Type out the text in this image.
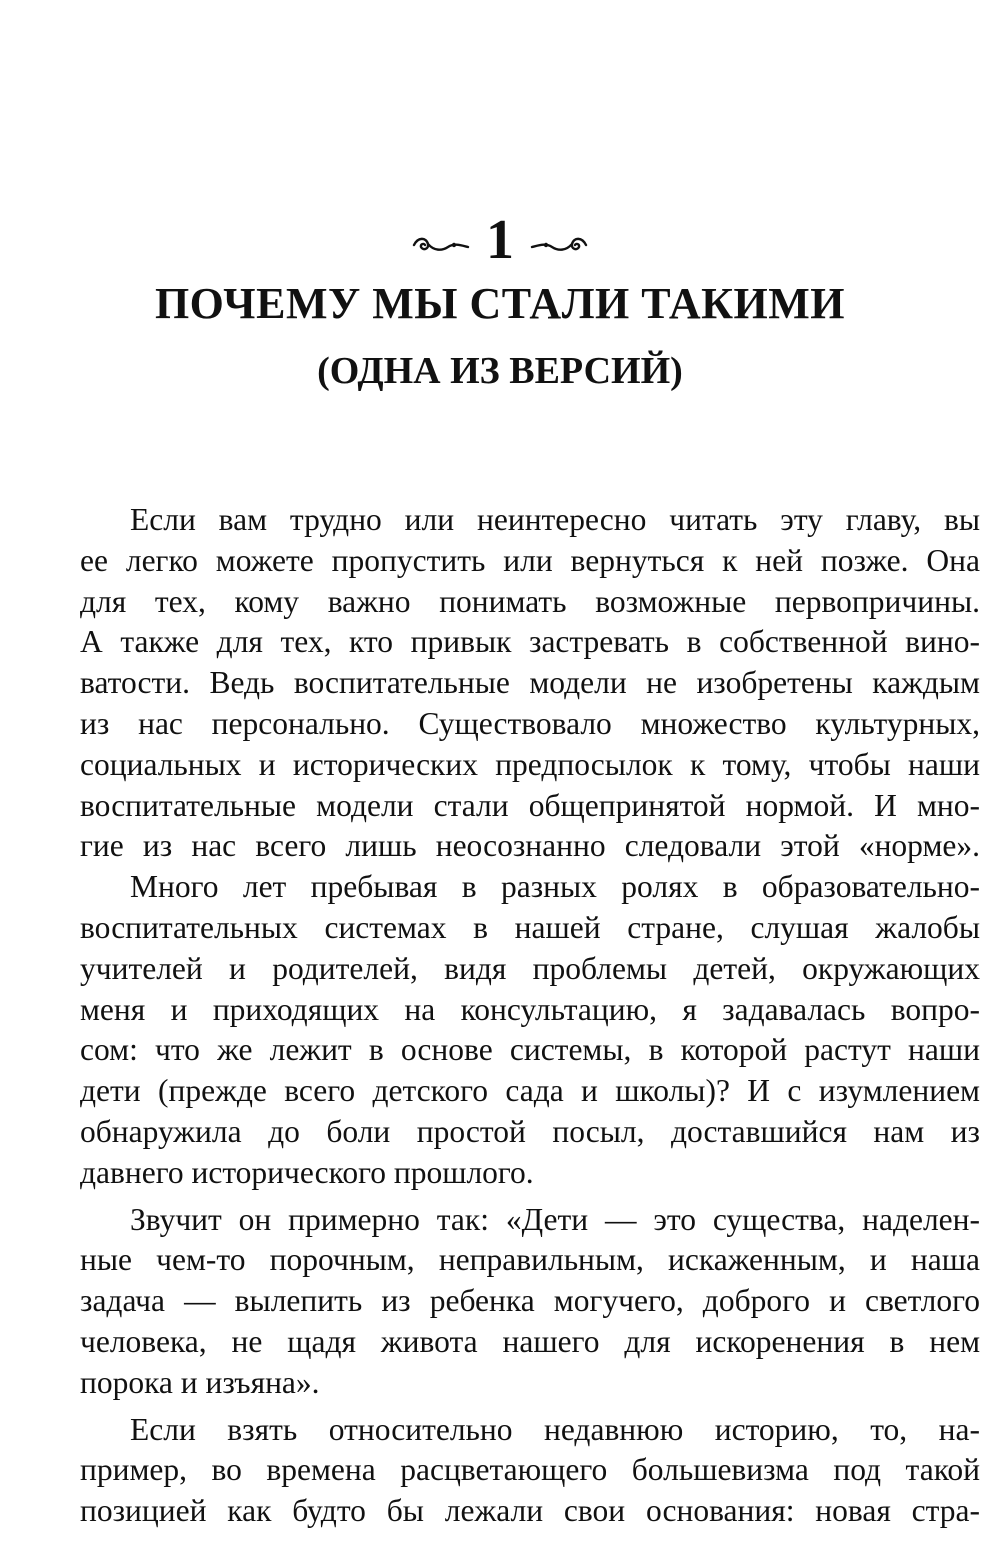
1
ПОЧЕМУ МЫ СТАЛИ ТАКИМИ
(ОДНА ИЗ ВЕРСИЙ)

Если вам трудно или неинтересно читать эту главу, вы
ее легко можете пропустить или вернуться к ней позже. Она
для тех, кому важно понимать возможные первопричины.
А также для тех, кто привык застревать в собственной вино-
ватости. Ведь воспитательные модели не изобретены каждым
из нас персонально. Существовало множество культурных,
социальных и исторических предпосылок к тому, чтобы наши
воспитательные модели стали общепринятой нормой. И мно-
гие из нас всего лишь неосознанно следовали этой «норме».

Много лет пребывая в разных ролях в образовательно-
воспитательных системах в нашей стране, слушая жалобы
учителей и родителей, видя проблемы детей, окружающих
меня и приходящих на консультацию, я задавалась вопро-
сом: что же лежит в основе системы, в которой растут наши
дети (прежде всего детского сада и школы)? И с изумлением
обнаружила до боли простой посыл, доставшийся нам из
давнего исторического прошлого.

Звучит он примерно так: «Дети — это существа, наделен-
ные чем-то порочным, неправильным, искаженным, и наша
задача — вылепить из ребенка могучего, доброго и светлого
человека, не щадя живота нашего для искоренения в нем
порока и изъяна».

Если взять относительно недавнюю историю, то, на-
пример, во времена расцветающего большевизма под такой
позицией как будто бы лежали свои основания: новая стра-
